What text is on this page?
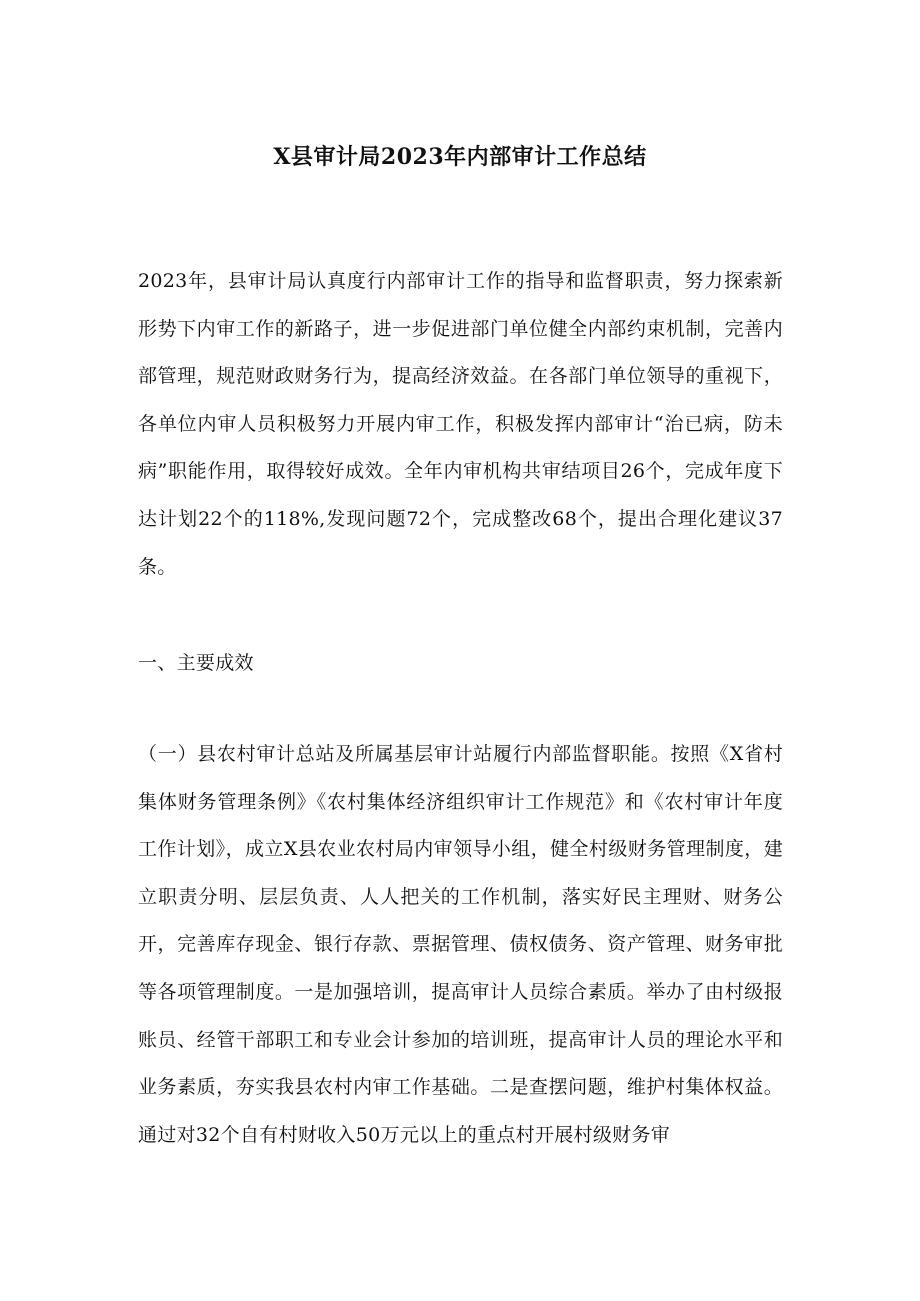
X县审计局2023年内部审计工作总结

2023年，县审计局认真度行内部审计工作的指导和监督职责，努力探索新形势下内审工作的新路子，进一步促进部门单位健全内部约束机制，完善内部管理，规范财政财务行为，提高经济效益。在各部门单位领导的重视下，各单位内审人员积极努力开展内审工作，积极发挥内部审计“治已病，防未病”职能作用，取得较好成效。全年内审机构共审结项目26个，完成年度下达计划22个的118%,发现问题72个，完成整改68个，提出合理化建议37条。

一、主要成效

（一）县农村审计总站及所属基层审计站履行内部监督职能。按照《X省村集体财务管理条例》《农村集体经济组织审计工作规范》和《农村审计年度工作计划》，成立X县农业农村局内审领导小组，健全村级财务管理制度，建立职责分明、层层负责、人人把关的工作机制，落实好民主理财、财务公开，完善库存现金、银行存款、票据管理、债权债务、资产管理、财务审批等各项管理制度。一是加强培训，提高审计人员综合素质。举办了由村级报账员、经管干部职工和专业会计参加的培训班，提高审计人员的理论水平和业务素质，夯实我县农村内审工作基础。二是查摆问题，维护村集体权益。通过对32个自有村财收入50万元以上的重点村开展村级财务审
